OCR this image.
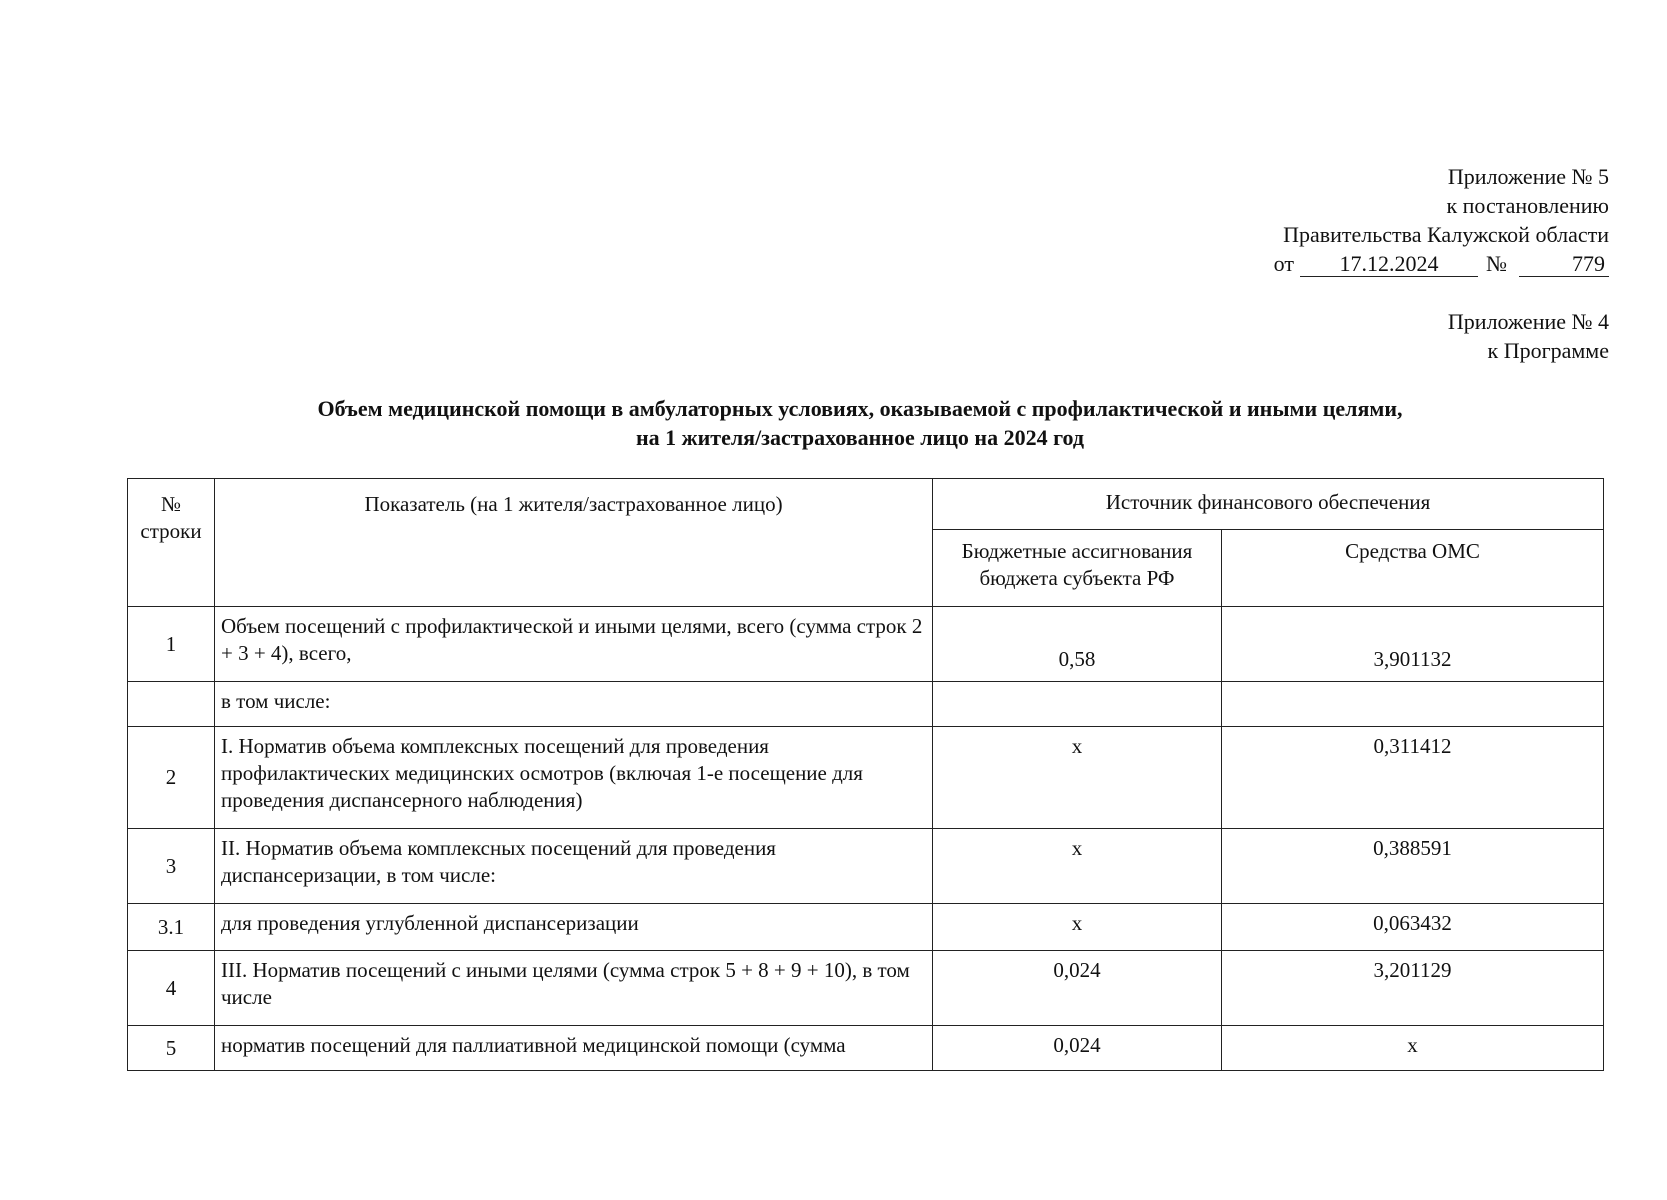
Приложение № 5
к постановлению
Правительства Калужской области
от 17.12.2024 №	779
Приложение № 4
к Программе
Объем медицинской помощи в амбулаторных условиях, оказываемой с профилактической и иными целями,
на 1 жителя/застрахованное лицо на 2024 год
№ строки	Показатель (на 1 жителя/застрахованное лицо)	Источник финансового обеспечения	
		Бюджетные ассигнования бюджета субъекта РФ	Средства ОМС
1	Объем посещений с профилактической и иными целями, всего (сумма строк 2 + 3 + 4), всего,	0,58	3,901132
	в том числе:		
2	I. Норматив объема комплексных посещений для проведения профилактических медицинских осмотров (включая 1-е посещение для проведения диспансерного наблюдения)	х	0,311412
3	II. Норматив объема комплексных посещений для проведения диспансеризации, в том числе:	х	0,388591
3.1	для проведения углубленной диспансеризации	х	0,063432
4	III. Норматив посещений с иными целями (сумма строк 5 + 8 + 9 + 10), в том числе	0,024	3,201129
5	норматив посещений для паллиативной медицинской помощи (сумма	0,024	х
